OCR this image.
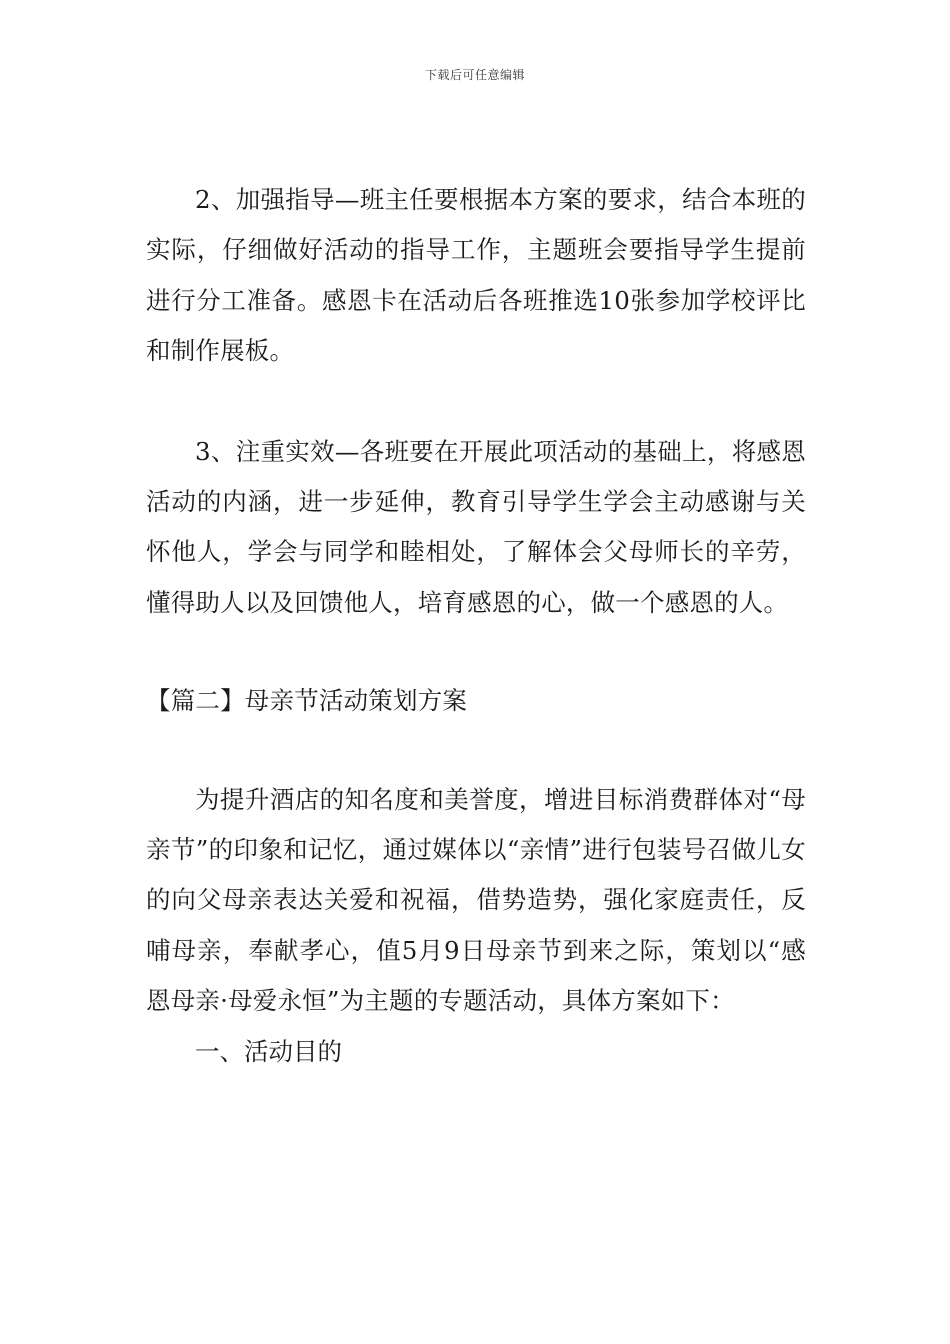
下载后可任意编辑

2、加强指导—班主任要根据本方案的要求，结合本班的实际，仔细做好活动的指导工作，主题班会要指导学生提前进行分工准备。感恩卡在活动后各班推选10张参加学校评比和制作展板。

3、注重实效—各班要在开展此项活动的基础上，将感恩活动的内涵，进一步延伸，教育引导学生学会主动感谢与关怀他人，学会与同学和睦相处，了解体会父母师长的辛劳，懂得助人以及回馈他人，培育感恩的心，做一个感恩的人。

【篇二】母亲节活动策划方案

为提升酒店的知名度和美誉度，增进目标消费群体对“母亲节”的印象和记忆，通过媒体以“亲情”进行包装号召做儿女的向父母亲表达关爱和祝福，借势造势，强化家庭责任，反哺母亲，奉献孝心，值5月9日母亲节到来之际，策划以“感恩母亲·母爱永恒”为主题的专题活动，具体方案如下：

一、活动目的
